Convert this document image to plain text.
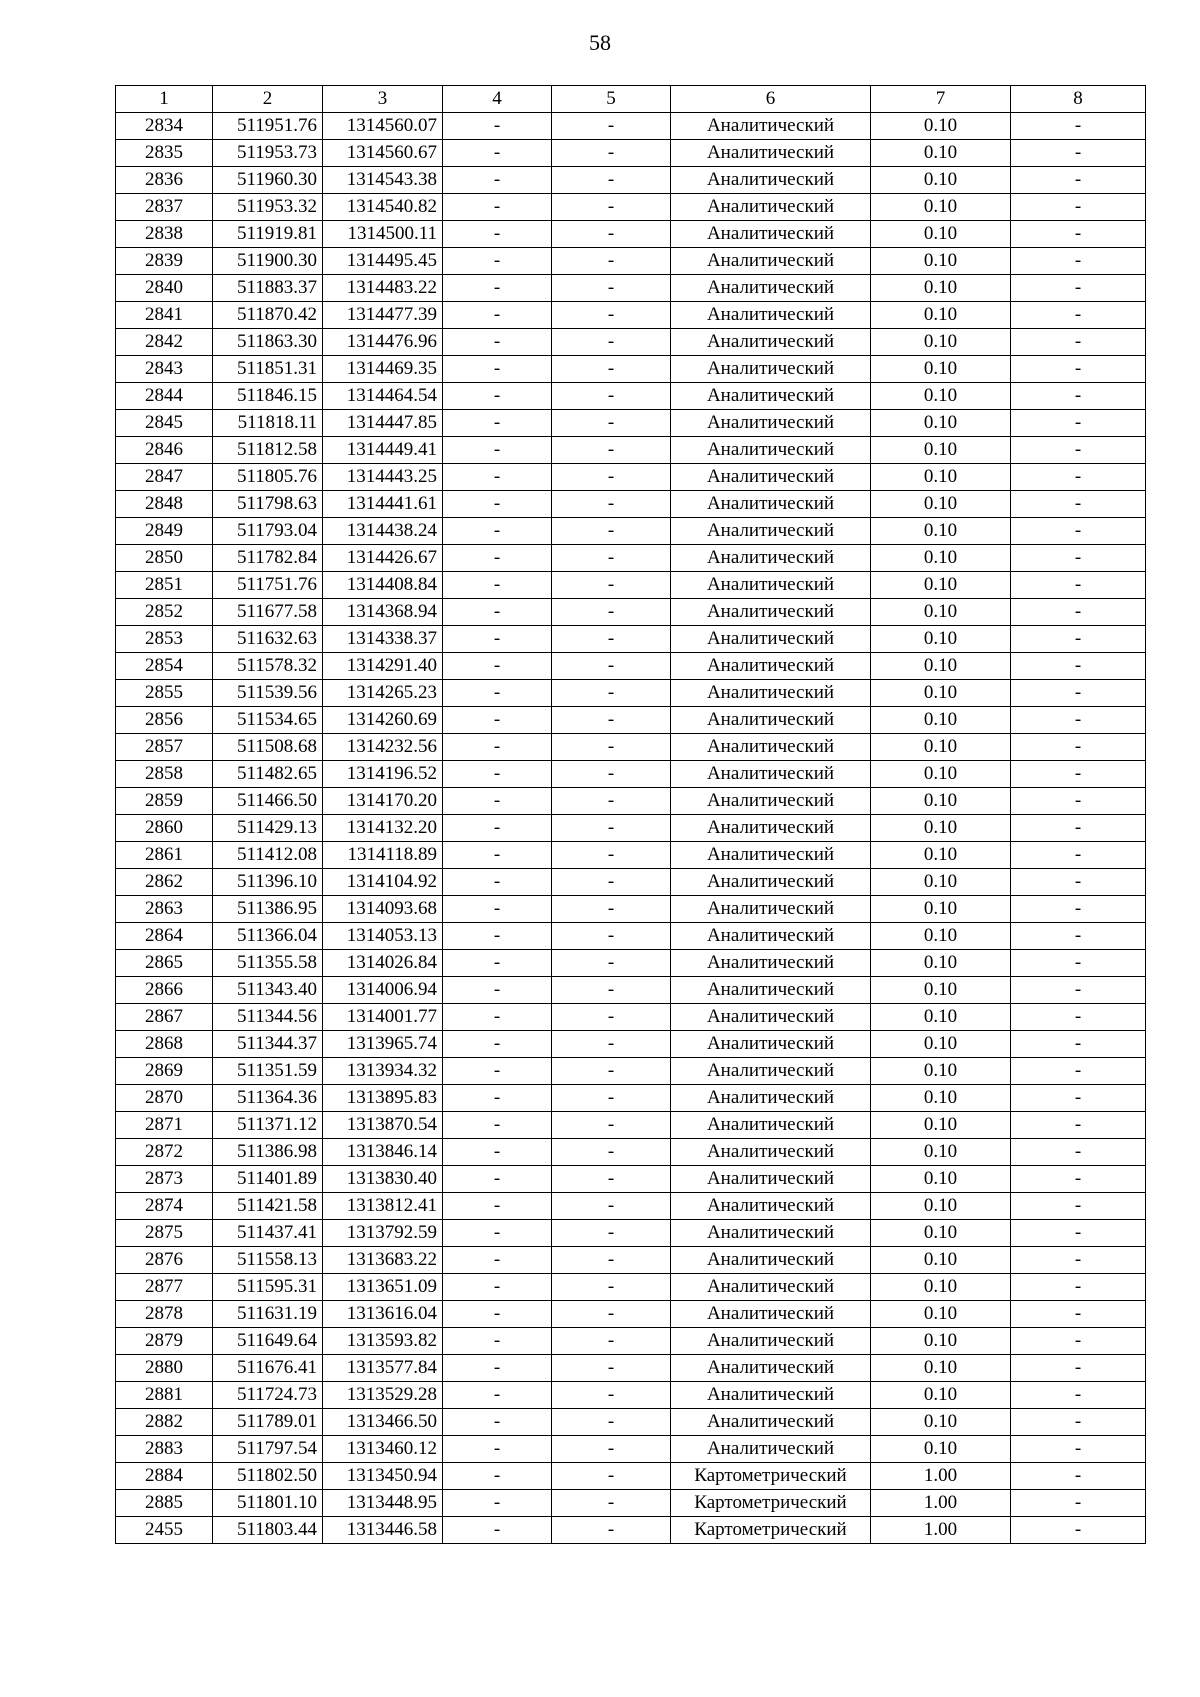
58
1	2	3	4	5	6	7	8
2834	511951.76	1314560.07	-	-	Аналитический	0.10	-
2835	511953.73	1314560.67	-	-	Аналитический	0.10	-
2836	511960.30	1314543.38	-	-	Аналитический	0.10	-
2837	511953.32	1314540.82	-	-	Аналитический	0.10	-
2838	511919.81	1314500.11	-	-	Аналитический	0.10	-
2839	511900.30	1314495.45	-	-	Аналитический	0.10	-
2840	511883.37	1314483.22	-	-	Аналитический	0.10	-
2841	511870.42	1314477.39	-	-	Аналитический	0.10	-
2842	511863.30	1314476.96	-	-	Аналитический	0.10	-
2843	511851.31	1314469.35	-	-	Аналитический	0.10	-
2844	511846.15	1314464.54	-	-	Аналитический	0.10	-
2845	511818.11	1314447.85	-	-	Аналитический	0.10	-
2846	511812.58	1314449.41	-	-	Аналитический	0.10	-
2847	511805.76	1314443.25	-	-	Аналитический	0.10	-
2848	511798.63	1314441.61	-	-	Аналитический	0.10	-
2849	511793.04	1314438.24	-	-	Аналитический	0.10	-
2850	511782.84	1314426.67	-	-	Аналитический	0.10	-
2851	511751.76	1314408.84	-	-	Аналитический	0.10	-
2852	511677.58	1314368.94	-	-	Аналитический	0.10	-
2853	511632.63	1314338.37	-	-	Аналитический	0.10	-
2854	511578.32	1314291.40	-	-	Аналитический	0.10	-
2855	511539.56	1314265.23	-	-	Аналитический	0.10	-
2856	511534.65	1314260.69	-	-	Аналитический	0.10	-
2857	511508.68	1314232.56	-	-	Аналитический	0.10	-
2858	511482.65	1314196.52	-	-	Аналитический	0.10	-
2859	511466.50	1314170.20	-	-	Аналитический	0.10	-
2860	511429.13	1314132.20	-	-	Аналитический	0.10	-
2861	511412.08	1314118.89	-	-	Аналитический	0.10	-
2862	511396.10	1314104.92	-	-	Аналитический	0.10	-
2863	511386.95	1314093.68	-	-	Аналитический	0.10	-
2864	511366.04	1314053.13	-	-	Аналитический	0.10	-
2865	511355.58	1314026.84	-	-	Аналитический	0.10	-
2866	511343.40	1314006.94	-	-	Аналитический	0.10	-
2867	511344.56	1314001.77	-	-	Аналитический	0.10	-
2868	511344.37	1313965.74	-	-	Аналитический	0.10	-
2869	511351.59	1313934.32	-	-	Аналитический	0.10	-
2870	511364.36	1313895.83	-	-	Аналитический	0.10	-
2871	511371.12	1313870.54	-	-	Аналитический	0.10	-
2872	511386.98	1313846.14	-	-	Аналитический	0.10	-
2873	511401.89	1313830.40	-	-	Аналитический	0.10	-
2874	511421.58	1313812.41	-	-	Аналитический	0.10	-
2875	511437.41	1313792.59	-	-	Аналитический	0.10	-
2876	511558.13	1313683.22	-	-	Аналитический	0.10	-
2877	511595.31	1313651.09	-	-	Аналитический	0.10	-
2878	511631.19	1313616.04	-	-	Аналитический	0.10	-
2879	511649.64	1313593.82	-	-	Аналитический	0.10	-
2880	511676.41	1313577.84	-	-	Аналитический	0.10	-
2881	511724.73	1313529.28	-	-	Аналитический	0.10	-
2882	511789.01	1313466.50	-	-	Аналитический	0.10	-
2883	511797.54	1313460.12	-	-	Аналитический	0.10	-
2884	511802.50	1313450.94	-	-	Картометрический	1.00	-
2885	511801.10	1313448.95	-	-	Картометрический	1.00	-
2455	511803.44	1313446.58	-	-	Картометрический	1.00	-
